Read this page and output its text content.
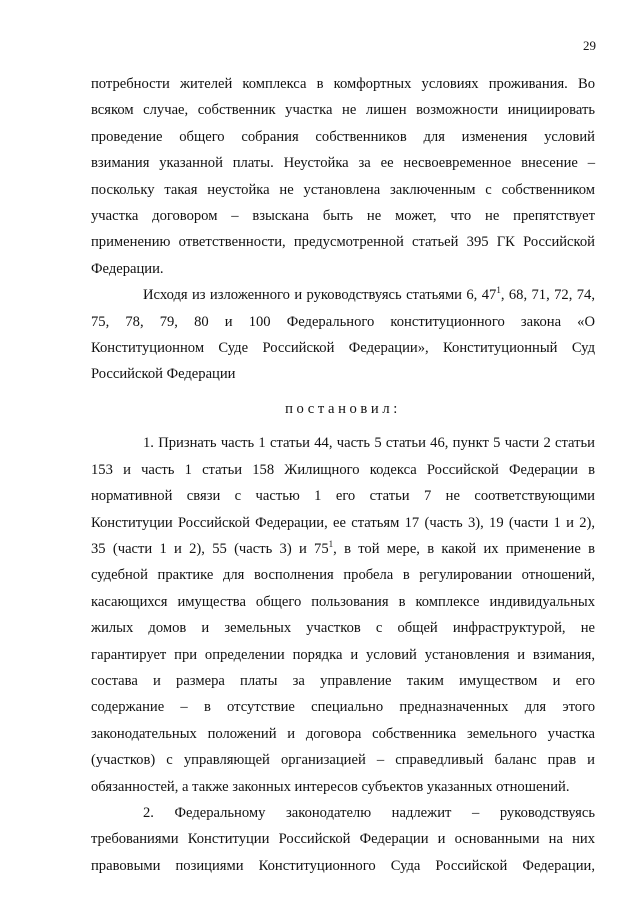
29

потребности жителей комплекса в комфортных условиях проживания. Во
всяком случае, собственник участка не лишен возможности инициировать
проведение общего собрания собственников для изменения условий
взимания указанной платы. Неустойка за ее несвоевременное внесение –
поскольку такая неустойка не установлена заключенным с собственником
участка договором – взыскана быть не может, что не препятствует
применению ответственности, предусмотренной статьей 395 ГК Российской
Федерации.

Исходя из изложенного и руководствуясь статьями 6, $47^1$, 68, 71, 72, 74,
75, 78, 79, 80 и 100 Федерального конституционного закона «О
Конституционном Суде Российской Федерации», Конституционный Суд
Российской Федерации

постановил:

1. Признать часть 1 статьи 44, часть 5 статьи 46, пункт 5 части 2 статьи
153 и часть 1 статьи 158 Жилищного кодекса Российской Федерации в
нормативной связи с частью 1 его статьи 7 не соответствующими
Конституции Российской Федерации, ее статьям 17 (часть 3), 19 (части 1 и 2),
35 (части 1 и 2), 55 (часть 3) и $75^1$, в той мере, в какой их применение в
судебной практике для восполнения пробела в регулировании отношений,
касающихся имущества общего пользования в комплексе индивидуальных
жилых домов и земельных участков с общей инфраструктурой, не
гарантирует при определении порядка и условий установления и взимания,
состава и размера платы за управление таким имуществом и его
содержание – в отсутствие специально предназначенных для этого
законодательных положений и договора собственника земельного участка
(участков) с управляющей организацией – справедливый баланс прав и
обязанностей, а также законных интересов субъектов указанных отношений.

2. Федеральному законодателю надлежит – руководствуясь
требованиями Конституции Российской Федерации и основанными на них
правовыми позициями Конституционного Суда Российской Федерации,
